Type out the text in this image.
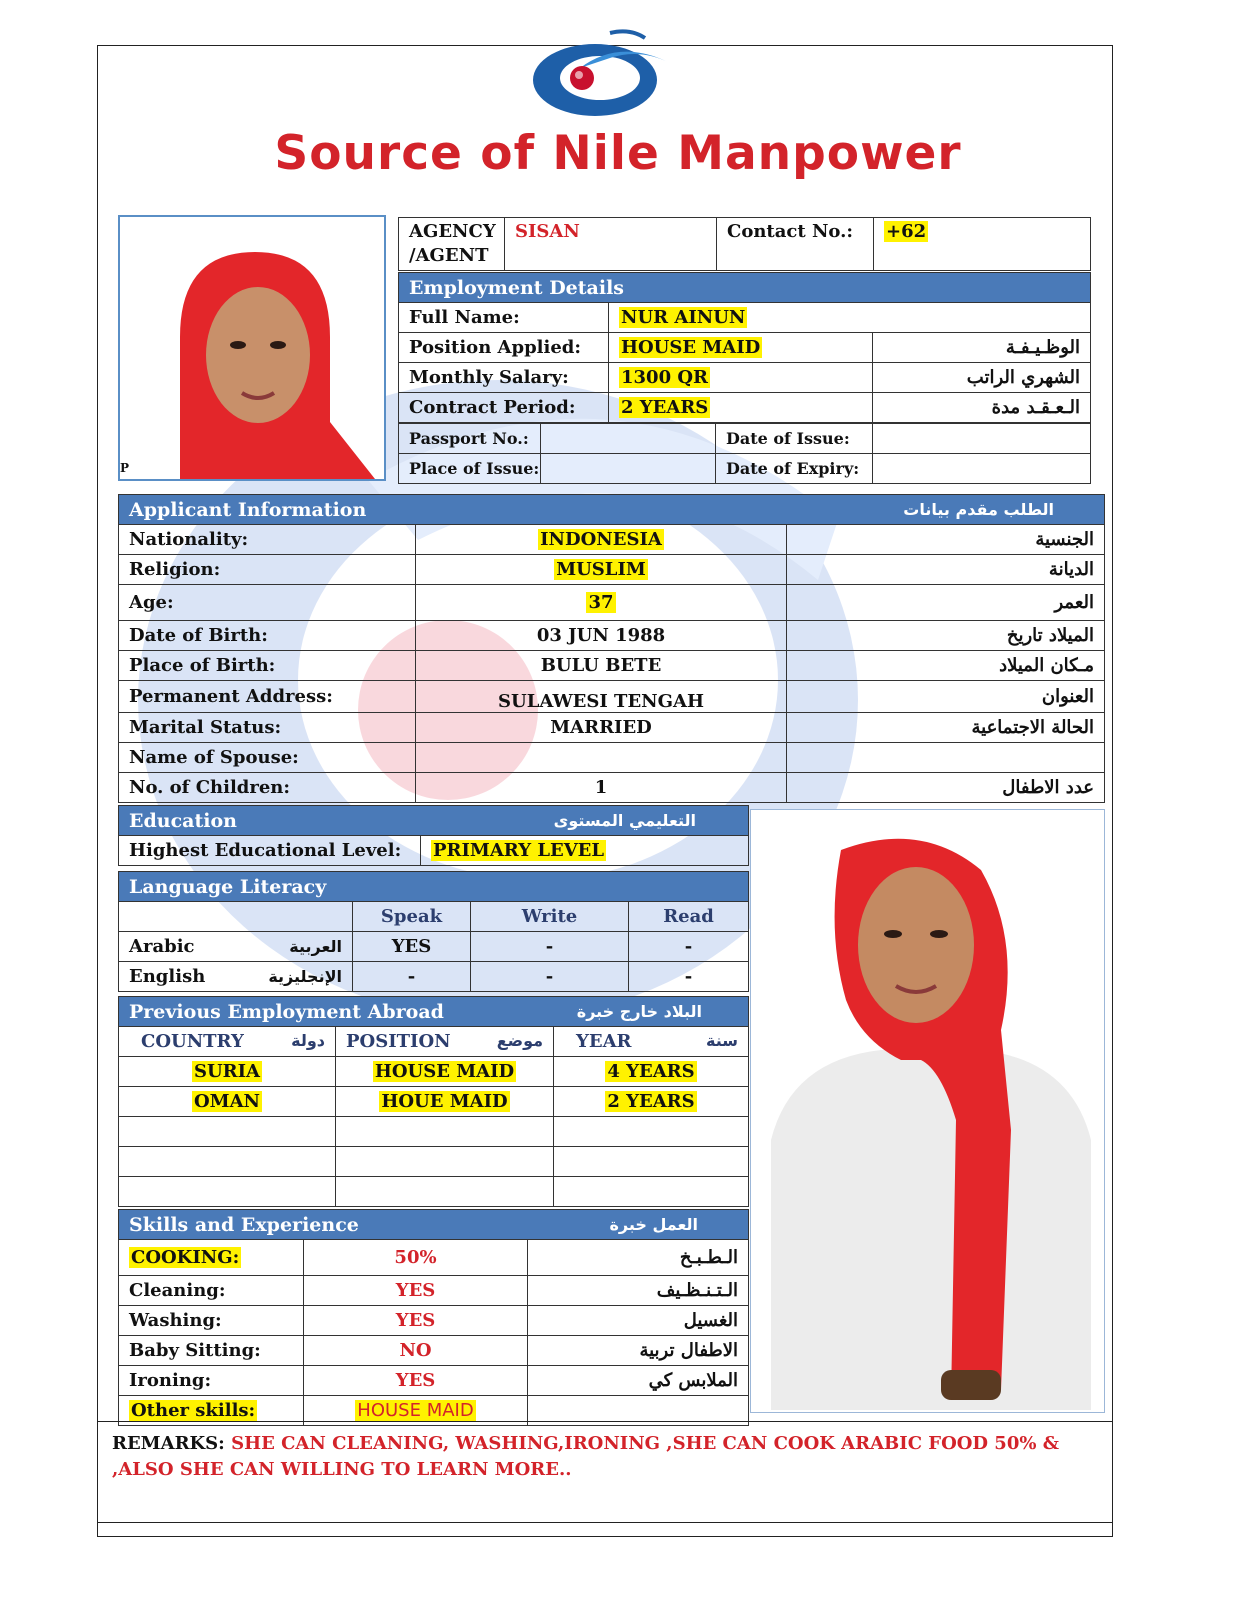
Source of Nile Manpower
P
AGENCY
/AGENT
	SISAN	Contact No.:	+62
Employment Details		
Full Name:	NUR AINUN	
Position Applied:	HOUSE MAID	الوظـيـفـة
Monthly Salary:	1300 QR	الشهري الراتب
Contract Period:	2 YEARS	الـعـقـد مدة
Passport No.:		Date of Issue:	
Place of Issue:		Date of Expiry:	
Applicant Information		الطلب مقدم بيانات
Nationality:	INDONESIA	الجنسية
Religion:	MUSLIM	الديانة
Age:	37	العمر
Date of Birth:	03 JUN 1988	الميلاد تاريخ
Place of Birth:	BULU BETE	مـكان الميلاد
Permanent Address:	SULAWESI TENGAH	العنوان
Marital Status:	MARRIED	الحالة الاجتماعية
Name of Spouse:		
No. of Children:	1	عدد الاطفال
Education	التعليمي المستوى
Highest Educational Level:	PRIMARY LEVEL
Language Literacy				
		Speak	Write	Read
Arabic	العربية	YES	-	-
English	الإنجليزية	-	-	-
Previous Employment Abroad		البلاد خارج خبرة
COUNTRY دولة	POSITION موضع	YEAR سنة

SURIA	HOUSE MAID	4 YEARS
OMAN	HOUE MAID	2 YEARS

Skills and Experience		العمل خبرة
COOKING:	50%	الـطـبـخ
Cleaning:	YES	الـتـنـظـيف
Washing:	YES	الغسيل
Baby Sitting:	NO	الاطفال تربية
Ironing:	YES	الملابس كي
Other skills:	HOUSE MAID	
REMARKS: SHE CAN CLEANING, WASHING,IRONING ,SHE CAN COOK ARABIC FOOD 50% & ,ALSO SHE CAN WILLING TO LEARN MORE..
